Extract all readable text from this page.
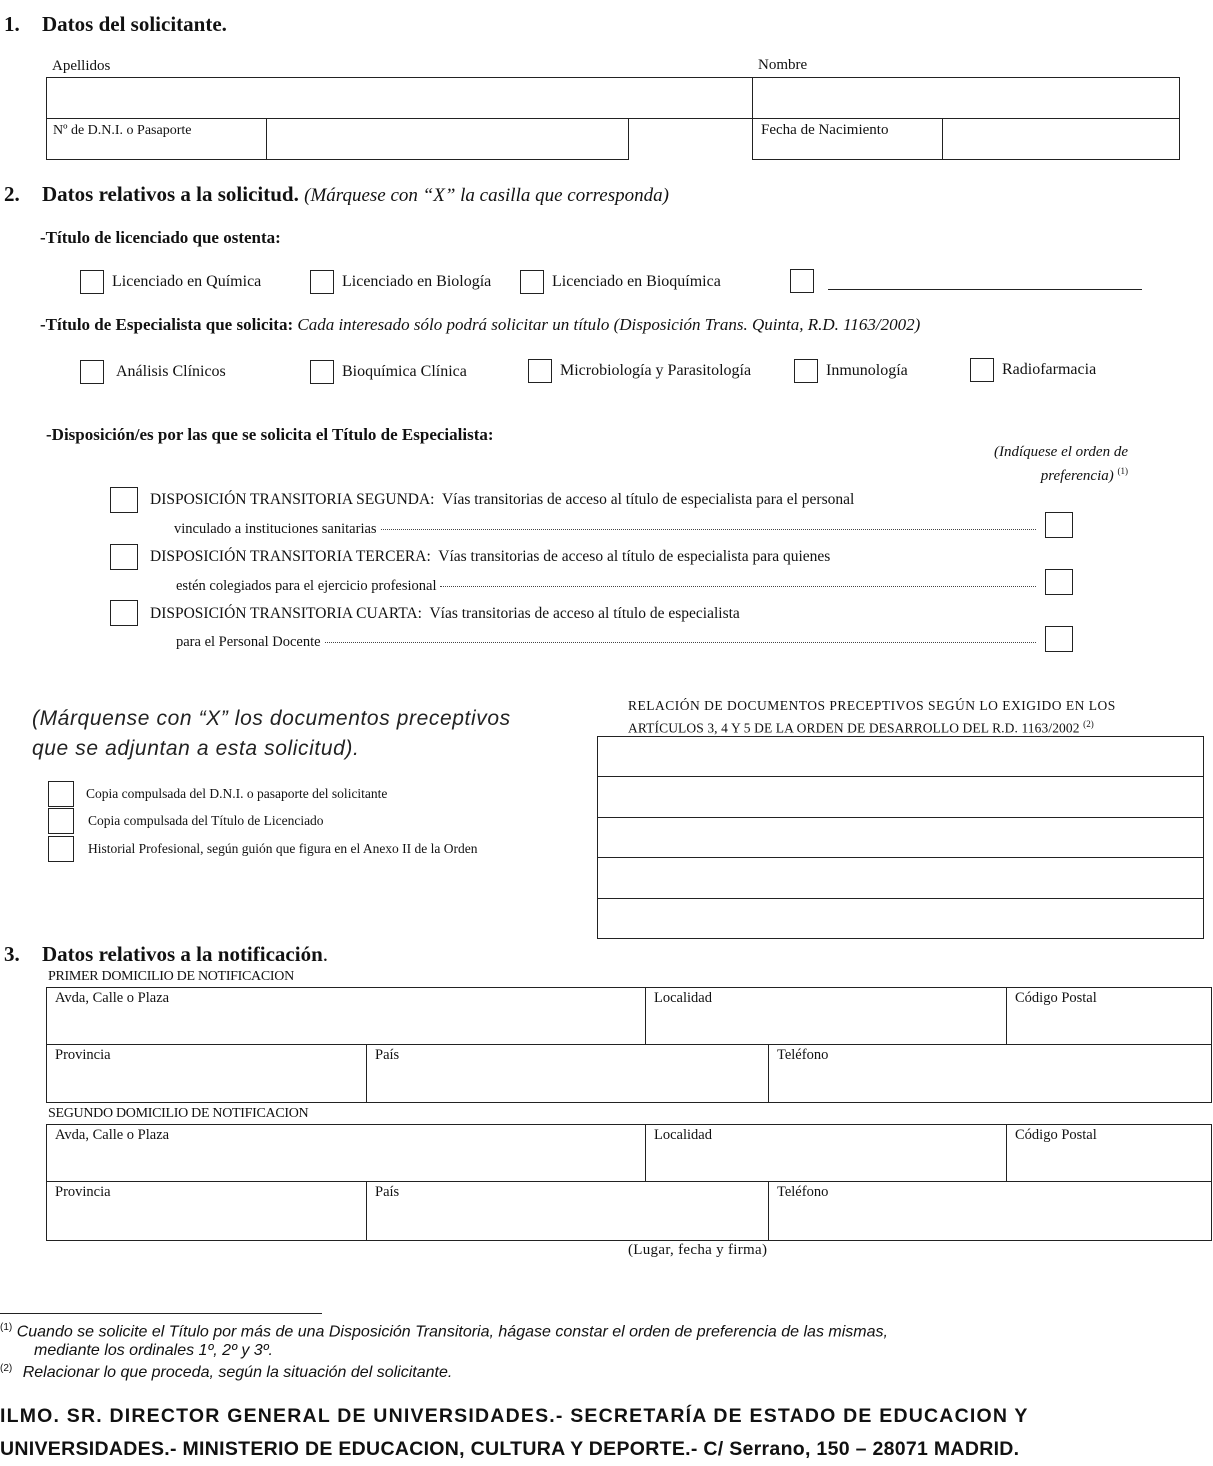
1. Datos del solicitante.
Apellidos	Nombre
Nº de D.N.I. o Pasaporte	Fecha de Nacimiento
2. Datos relativos a la solicitud. (Márquese con “X” la casilla que corresponda)
-Título de licenciado que ostenta:
Licenciado en Química	Licenciado en Biología	Licenciado en Bioquímica
-Título de Especialista que solicita: Cada interesado sólo podrá solicitar un título (Disposición Trans. Quinta, R.D. 1163/2002)
Análisis Clínicos	Bioquímica Clínica	Microbiología y Parasitología	Inmunología	Radiofarmacia
-Disposición/es por las que se solicita el Título de Especialista:
(Indíquese el orden de
preferencia) $^{(1)}$
DISPOSICIÓN TRANSITORIA SEGUNDA: Vías transitorias de acceso al título de especialista para el personal
vinculado a instituciones sanitarias
DISPOSICIÓN TRANSITORIA TERCERA: Vías transitorias de acceso al título de especialista para quienes
estén colegiados para el ejercicio profesional
DISPOSICIÓN TRANSITORIA CUARTA: Vías transitorias de acceso al título de especialista
para el Personal Docente
(Márquense con “X” los documentos preceptivos
que se adjuntan a esta solicitud).
Copia compulsada del D.N.I. o pasaporte del solicitante
Copia compulsada del Título de Licenciado
Historial Profesional, según guión que figura en el Anexo II de la Orden
RELACIÓN DE DOCUMENTOS PRECEPTIVOS SEGÚN LO EXIGIDO EN LOS
ARTÍCULOS 3, 4 Y 5 DE LA ORDEN DE DESARROLLO DEL R.D. 1163/2002 $^{(2)}$
3. Datos relativos a la notificación.
PRIMER DOMICILIO DE NOTIFICACION
Avda, Calle o Plaza	Localidad	Código Postal
Provincia	País	Teléfono
SEGUNDO DOMICILIO DE NOTIFICACION
Avda, Calle o Plaza	Localidad	Código Postal
Provincia	País	Teléfono
(Lugar, fecha y firma)
$^{(1)}$ Cuando se solicite el Título por más de una Disposición Transitoria, hágase constar el orden de preferencia de las mismas,
mediante los ordinales 1º, 2º y 3º.
$^{(2)}$ Relacionar lo que proceda, según la situación del solicitante.
ILMO. SR. DIRECTOR GENERAL DE UNIVERSIDADES.- SECRETARÍA DE ESTADO DE EDUCACION Y
UNIVERSIDADES.- MINISTERIO DE EDUCACION, CULTURA Y DEPORTE.- C/ Serrano, 150 – 28071 MADRID.
